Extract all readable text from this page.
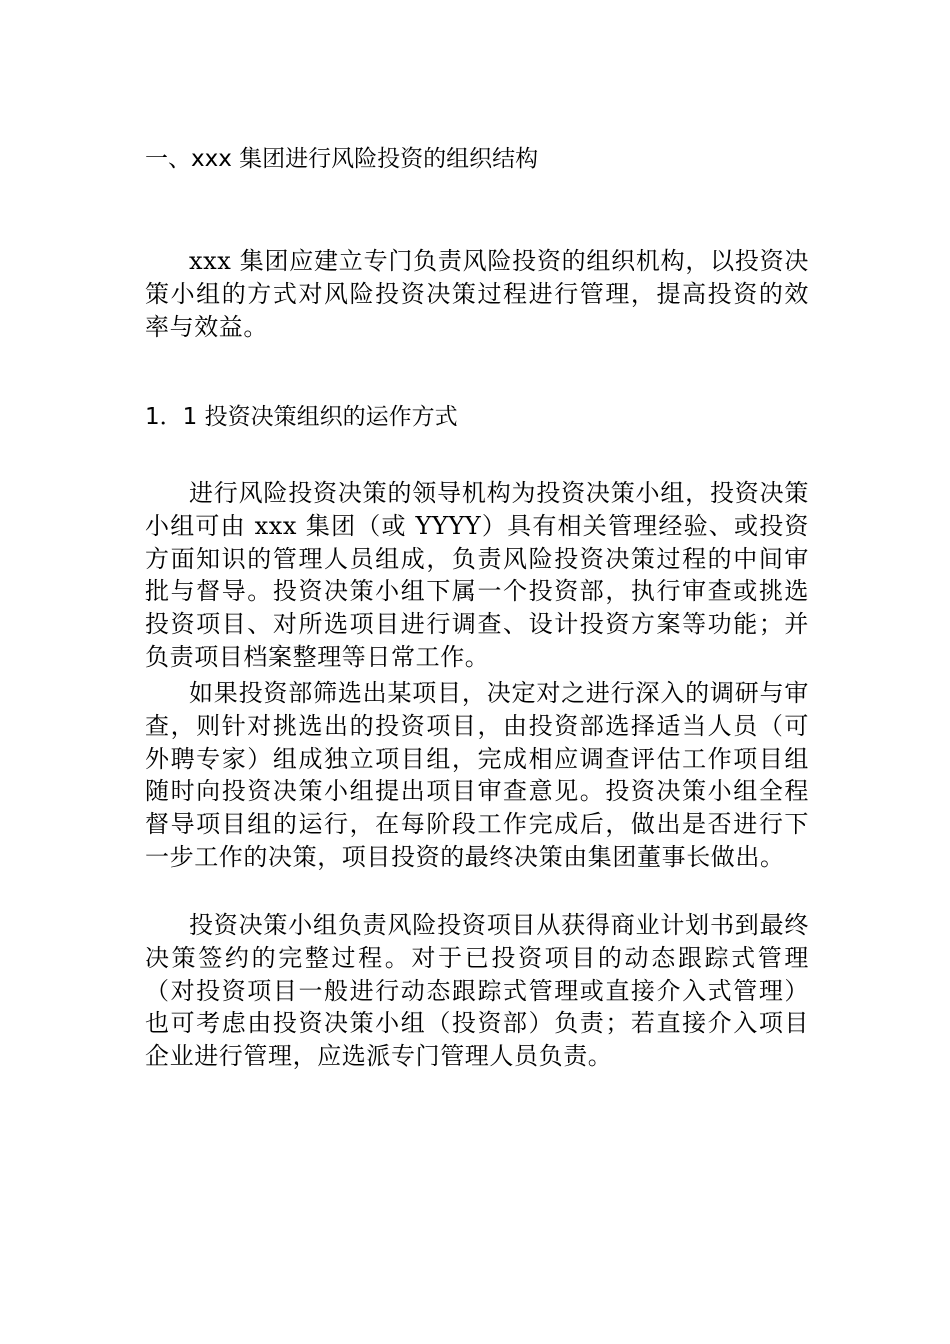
一、xxx 集团进行风险投资的组织结构

xxx 集团应建立专门负责风险投资的组织机构，以投资决策小组的方式对风险投资决策过程进行管理，提高投资的效率与效益。

1．1 投资决策组织的运作方式

进行风险投资决策的领导机构为投资决策小组，投资决策小组可由 xxx 集团（或 YYYY）具有相关管理经验、或投资方面知识的管理人员组成，负责风险投资决策过程的中间审批与督导。投资决策小组下属一个投资部，执行审查或挑选投资项目、对所选项目进行调查、设计投资方案等功能；并负责项目档案整理等日常工作。

如果投资部筛选出某项目，决定对之进行深入的调研与审查，则针对挑选出的投资项目，由投资部选择适当人员（可外聘专家）组成独立项目组，完成相应调查评估工作项目组随时向投资决策小组提出项目审查意见。投资决策小组全程督导项目组的运行，在每阶段工作完成后，做出是否进行下一步工作的决策，项目投资的最终决策由集团董事长做出。

投资决策小组负责风险投资项目从获得商业计划书到最终决策签约的完整过程。对于已投资项目的动态跟踪式管理（对投资项目一般进行动态跟踪式管理或直接介入式管理）也可考虑由投资决策小组（投资部）负责；若直接介入项目企业进行管理，应选派专门管理人员负责。
